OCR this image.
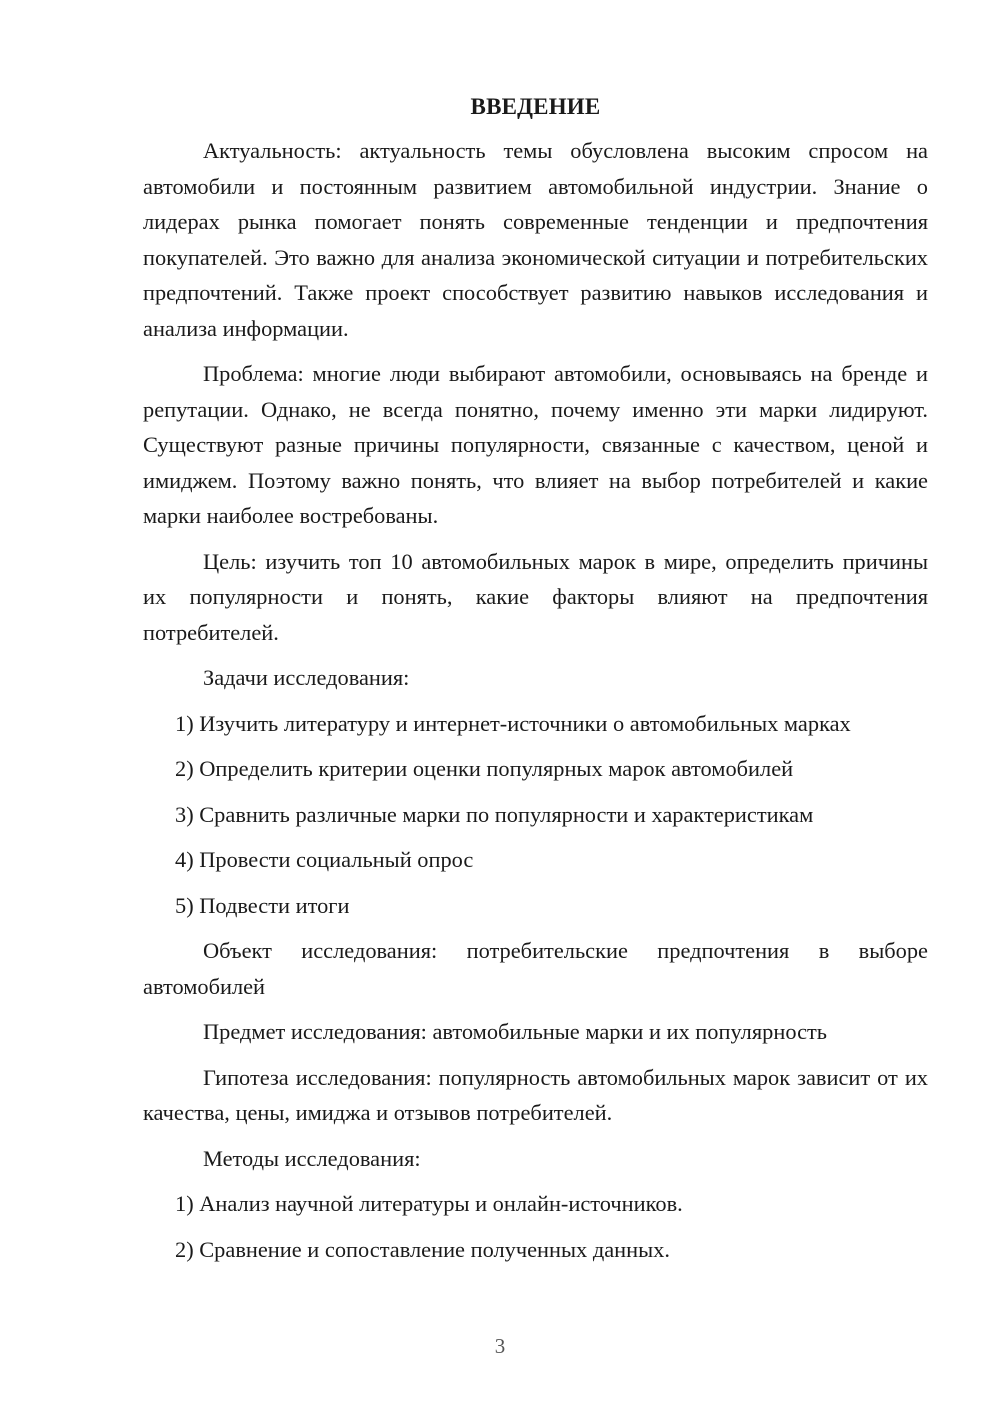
ВВЕДЕНИЕ

Актуальность: актуальность темы обусловлена высоким спросом на автомобили и постоянным развитием автомобильной индустрии. Знание о лидерах рынка помогает понять современные тенденции и предпочтения покупателей. Это важно для анализа экономической ситуации и потребительских предпочтений. Также проект способствует развитию навыков исследования и анализа информации.

Проблема: многие люди выбирают автомобили, основываясь на бренде и репутации. Однако, не всегда понятно, почему именно эти марки лидируют. Существуют разные причины популярности, связанные с качеством, ценой и имиджем. Поэтому важно понять, что влияет на выбор потребителей и какие марки наиболее востребованы.

Цель: изучить топ 10 автомобильных марок в мире, определить причины их популярности и понять, какие факторы влияют на предпочтения потребителей.

Задачи исследования:

1) Изучить литературу и интернет-источники о автомобильных марках

2) Определить критерии оценки популярных марок автомобилей

3) Сравнить различные марки по популярности и характеристикам

4) Провести социальный опрос

5) Подвести итоги

Объект исследования: потребительские предпочтения в выборе автомобилей

Предмет исследования: автомобильные марки и их популярность

Гипотеза исследования: популярность автомобильных марок зависит от их качества, цены, имиджа и отзывов потребителей.

Методы исследования:

1) Анализ научной литературы и онлайн-источников.

2) Сравнение и сопоставление полученных данных.

3
